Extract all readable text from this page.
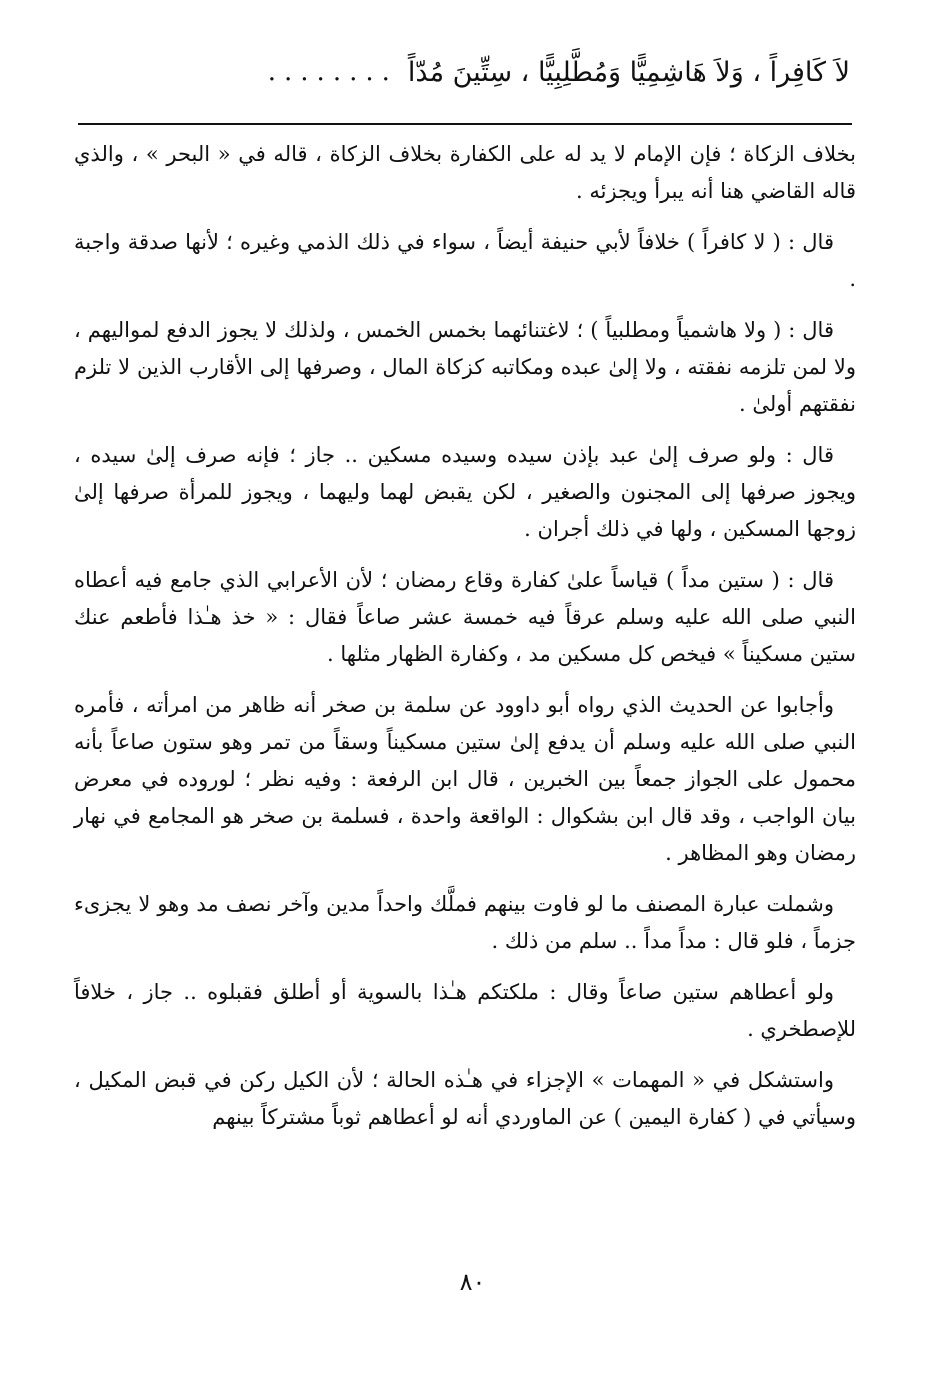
لاَ كَافِراً ، وَلاَ هَاشِمِيًّا وَمُطَّلِبِيًّا ، سِتِّينَ مُدّاً
........

بخلاف الزكاة ؛ فإن الإمام لا يد له على الكفارة بخلاف الزكاة ، قاله في « البحر » ، والذي قاله القاضي هنا أنه يبرأ ويجزئه .

قال : ( لا كافراً ) خلافاً لأبي حنيفة أيضاً ، سواء في ذلك الذمي وغيره ؛ لأنها صدقة واجبة .

قال : ( ولا هاشمياً ومطلبياً ) ؛ لاغتنائهما بخمس الخمس ، ولذلك لا يجوز الدفع لمواليهم ، ولا لمن تلزمه نفقته ، ولا إلىٰ عبده ومكاتبه كزكاة المال ، وصرفها إلى الأقارب الذين لا تلزم نفقتهم أولىٰ .

قال : ولو صرف إلىٰ عبد بإذن سيده وسيده مسكين .. جاز ؛ فإنه صرف إلىٰ سيده ، ويجوز صرفها إلى المجنون والصغير ، لكن يقبض لهما وليهما ، ويجوز للمرأة صرفها إلىٰ زوجها المسكين ، ولها في ذلك أجران .

قال : ( ستين مداً ) قياساً علىٰ كفارة وقاع رمضان ؛ لأن الأعرابي الذي جامع فيه أعطاه النبي صلى الله عليه وسلم عرقاً فيه خمسة عشر صاعاً فقال : « خذ هـٰذا فأطعم عنك ستين مسكيناً » فيخص كل مسكين مد ، وكفارة الظهار مثلها .

وأجابوا عن الحديث الذي رواه أبو داوود عن سلمة بن صخر أنه ظاهر من امرأته ، فأمره النبي صلى الله عليه وسلم أن يدفع إلىٰ ستين مسكيناً وسقاً من تمر وهو ستون صاعاً بأنه محمول على الجواز جمعاً بين الخبرين ، قال ابن الرفعة : وفيه نظر ؛ لوروده في معرض بيان الواجب ، وقد قال ابن بشكوال : الواقعة واحدة ، فسلمة بن صخر هو المجامع في نهار رمضان وهو المظاهر .

وشملت عبارة المصنف ما لو فاوت بينهم فملَّك واحداً مدين وآخر نصف مد وهو لا يجزىء جزماً ، فلو قال : مداً مداً .. سلم من ذلك .

ولو أعطاهم ستين صاعاً وقال : ملكتكم هـٰذا بالسوية أو أطلق فقبلوه .. جاز ، خلافاً للإصطخري .

واستشكل في « المهمات » الإجزاء في هـٰذه الحالة ؛ لأن الكيل ركن في قبض المكيل ، وسيأتي في ( كفارة اليمين ) عن الماوردي أنه لو أعطاهم ثوباً مشتركاً بينهم

٨٠
